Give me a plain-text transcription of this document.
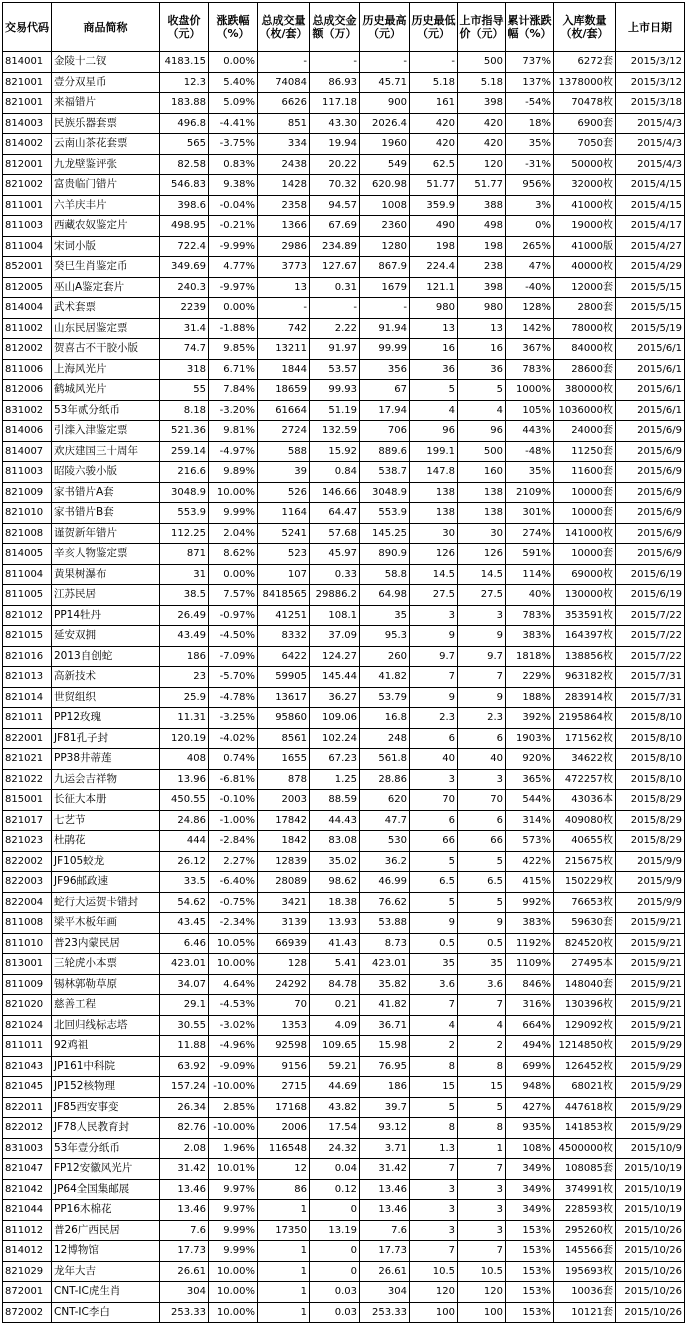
交易代码	商品简称	收盘价（元）	涨跌幅（%）	总成交量（枚/套）	总成交金额（万）	历史最高（元）	历史最低（元）	上市指导价（元）	累计涨跌幅（%）	入库数量（枚/套）	上市日期
814001	金陵十二钗	4183.15	0.00%	-	-	-	-	500	737%	6272套	2015/3/12
821001	壹分双星币	12.3	5.40%	74084	86.93	45.71	5.18	5.18	137%	1378000枚	2015/3/12
821001	来福错片	183.88	5.09%	6626	117.18	900	161	398	-54%	70478枚	2015/3/18
814003	民族乐器套票	496.8	-4.41%	851	43.30	2026.4	420	420	18%	6900套	2015/4/3
814002	云南山茶花套票	565	-3.75%	334	19.94	1960	420	420	35%	7050套	2015/4/3
812001	九龙壁鉴评张	82.58	0.83%	2438	20.22	549	62.5	120	-31%	50000枚	2015/4/3
821002	富贵临门错片	546.83	9.38%	1428	70.32	620.98	51.77	51.77	956%	32000枚	2015/4/15
811001	六羊庆丰片	398.6	-0.04%	2358	94.57	1008	359.9	388	3%	41000枚	2015/4/15
811003	西藏农奴鉴定片	498.95	-0.21%	1366	67.69	2360	490	498	0%	19000枚	2015/4/17
811004	宋词小版	722.4	-9.99%	2986	234.89	1280	198	198	265%	41000版	2015/4/27
852001	癸巳生肖鉴定币	349.69	4.77%	3773	127.67	867.9	224.4	238	47%	40000枚	2015/4/29
812005	巫山A鉴定套片	240.3	-9.97%	13	0.31	1679	121.1	398	-40%	12000套	2015/5/15
814004	武术套票	2239	0.00%	-	-	-	980	980	128%	2800套	2015/5/15
811002	山东民居鉴定票	31.4	-1.88%	742	2.22	91.94	13	13	142%	78000枚	2015/5/19
812002	贺喜古不干胶小版	74.7	9.85%	13211	91.97	99.99	16	16	367%	84000枚	2015/6/1
811006	上海风光片	318	6.71%	1844	53.57	356	36	36	783%	28600套	2015/6/1
812006	鹤城风光片	55	7.84%	18659	99.93	67	5	5	1000%	380000枚	2015/6/1
831002	53年贰分纸币	8.18	-3.20%	61664	51.19	17.94	4	4	105%	1036000枚	2015/6/1
814006	引滦入津鉴定票	521.36	9.81%	2724	132.59	706	96	96	443%	24000套	2015/6/9
814007	欢庆建国三十周年	259.14	-4.97%	588	15.92	889.6	199.1	500	-48%	11250套	2015/6/9
811003	昭陵六骏小版	216.6	9.89%	39	0.84	538.7	147.8	160	35%	11600套	2015/6/9
821009	家书错片A套	3048.9	10.00%	526	146.66	3048.9	138	138	2109%	10000套	2015/6/9
821010	家书错片B套	553.9	9.99%	1164	64.47	553.9	138	138	301%	10000套	2015/6/9
821008	谨贺新年错片	112.25	2.04%	5241	57.68	145.25	30	30	274%	141000枚	2015/6/9
814005	辛亥人物鉴定票	871	8.62%	523	45.97	890.9	126	126	591%	10000套	2015/6/9
811004	黄果树瀑布	31	0.00%	107	0.33	58.8	14.5	14.5	114%	69000枚	2015/6/19
811005	江苏民居	38.5	7.57%	8418565	29886.2	64.98	27.5	27.5	40%	130000枚	2015/6/19
821012	PP14牡丹	26.49	-0.97%	41251	108.1	35	3	3	783%	353591枚	2015/7/22
821015	延安双拥	43.49	-4.50%	8332	37.09	95.3	9	9	383%	164397枚	2015/7/22
821016	2013自创蛇	186	-7.09%	6422	124.27	260	9.7	9.7	1818%	138856枚	2015/7/22
821013	高新技术	23	-5.70%	59905	145.44	41.82	7	7	229%	963182枚	2015/7/31
821014	世贸组织	25.9	-4.78%	13617	36.27	53.79	9	9	188%	283914枚	2015/7/31
821011	PP12玫瑰	11.31	-3.25%	95860	109.06	16.8	2.3	2.3	392%	2195864枚	2015/8/10
822001	JF81孔子封	120.19	-4.02%	8561	102.24	248	6	6	1903%	171562枚	2015/8/10
821021	PP38井蒂莲	408	0.74%	1655	67.23	561.8	40	40	920%	34622枚	2015/8/10
821022	九运会吉祥物	13.96	-6.81%	878	1.25	28.86	3	3	365%	472257枚	2015/8/10
815001	长征大本册	450.55	-0.10%	2003	88.59	620	70	70	544%	43036本	2015/8/29
821017	七艺节	24.86	-1.00%	17842	44.43	47.7	6	6	314%	409080枚	2015/8/29
821023	杜鹃花	444	-2.84%	1842	83.08	530	66	66	573%	40655枚	2015/8/29
822002	JF105蛟龙	26.12	2.27%	12839	35.02	36.2	5	5	422%	215675枚	2015/9/9
822003	JF96邮政速	33.5	-6.40%	28089	98.62	46.99	6.5	6.5	415%	150229枚	2015/9/9
822004	蛇行大运贺卡错封	54.62	-0.75%	3421	18.38	76.62	5	5	992%	76653枚	2015/9/9
811008	梁平木板年画	43.45	-2.34%	3139	13.93	53.88	9	9	383%	59630套	2015/9/21
811010	普23内蒙民居	6.46	10.05%	66939	41.43	8.73	0.5	0.5	1192%	824520枚	2015/9/21
813001	三轮虎小本票	423.01	10.00%	128	5.41	423.01	35	35	1109%	27495本	2015/9/21
811009	锡林郭勒草原	34.07	4.64%	24292	84.78	35.82	3.6	3.6	846%	148040套	2015/9/21
821020	慈善工程	29.1	-4.53%	70	0.21	41.82	7	7	316%	130396枚	2015/9/21
821024	北回归线标志塔	30.55	-3.02%	1353	4.09	36.71	4	4	664%	129092枚	2015/9/21
811011	92鸡祖	11.88	-4.96%	92598	109.65	15.98	2	2	494%	1214850枚	2015/9/29
821043	JP161中科院	63.92	-9.09%	9156	59.21	76.95	8	8	699%	126452枚	2015/9/29
821045	JP152核物理	157.24	-10.00%	2715	44.69	186	15	15	948%	68021枚	2015/9/29
822011	JF85西安事变	26.34	2.85%	17168	43.82	39.7	5	5	427%	447618枚	2015/9/29
822012	JF78人民教育封	82.76	-10.00%	2006	17.54	93.12	8	8	935%	141853枚	2015/9/29
831003	53年壹分纸币	2.08	1.96%	116548	24.32	3.71	1.3	1	108%	4500000枚	2015/10/9
821047	FP12安徽风光片	31.42	10.01%	12	0.04	31.42	7	7	349%	108085套	2015/10/19
821042	JP64全国集邮展	13.46	9.97%	86	0.12	13.46	3	3	349%	374991枚	2015/10/19
821044	PP16木棉花	13.46	9.97%	1	0	13.46	3	3	349%	228593枚	2015/10/19
811012	普26广西民居	7.6	9.99%	17350	13.19	7.6	3	3	153%	295260枚	2015/10/26
814012	12博物馆	17.73	9.99%	1	0	17.73	7	7	153%	145566套	2015/10/26
821029	龙年大吉	26.61	10.00%	1	0	26.61	10.5	10.5	153%	195693枚	2015/10/26
872001	CNT-IC虎生肖	304	10.00%	1	0.03	304	120	120	153%	10036套	2015/10/26
872002	CNT-IC李白	253.33	10.00%	1	0.03	253.33	100	100	153%	10121套	2015/10/26
